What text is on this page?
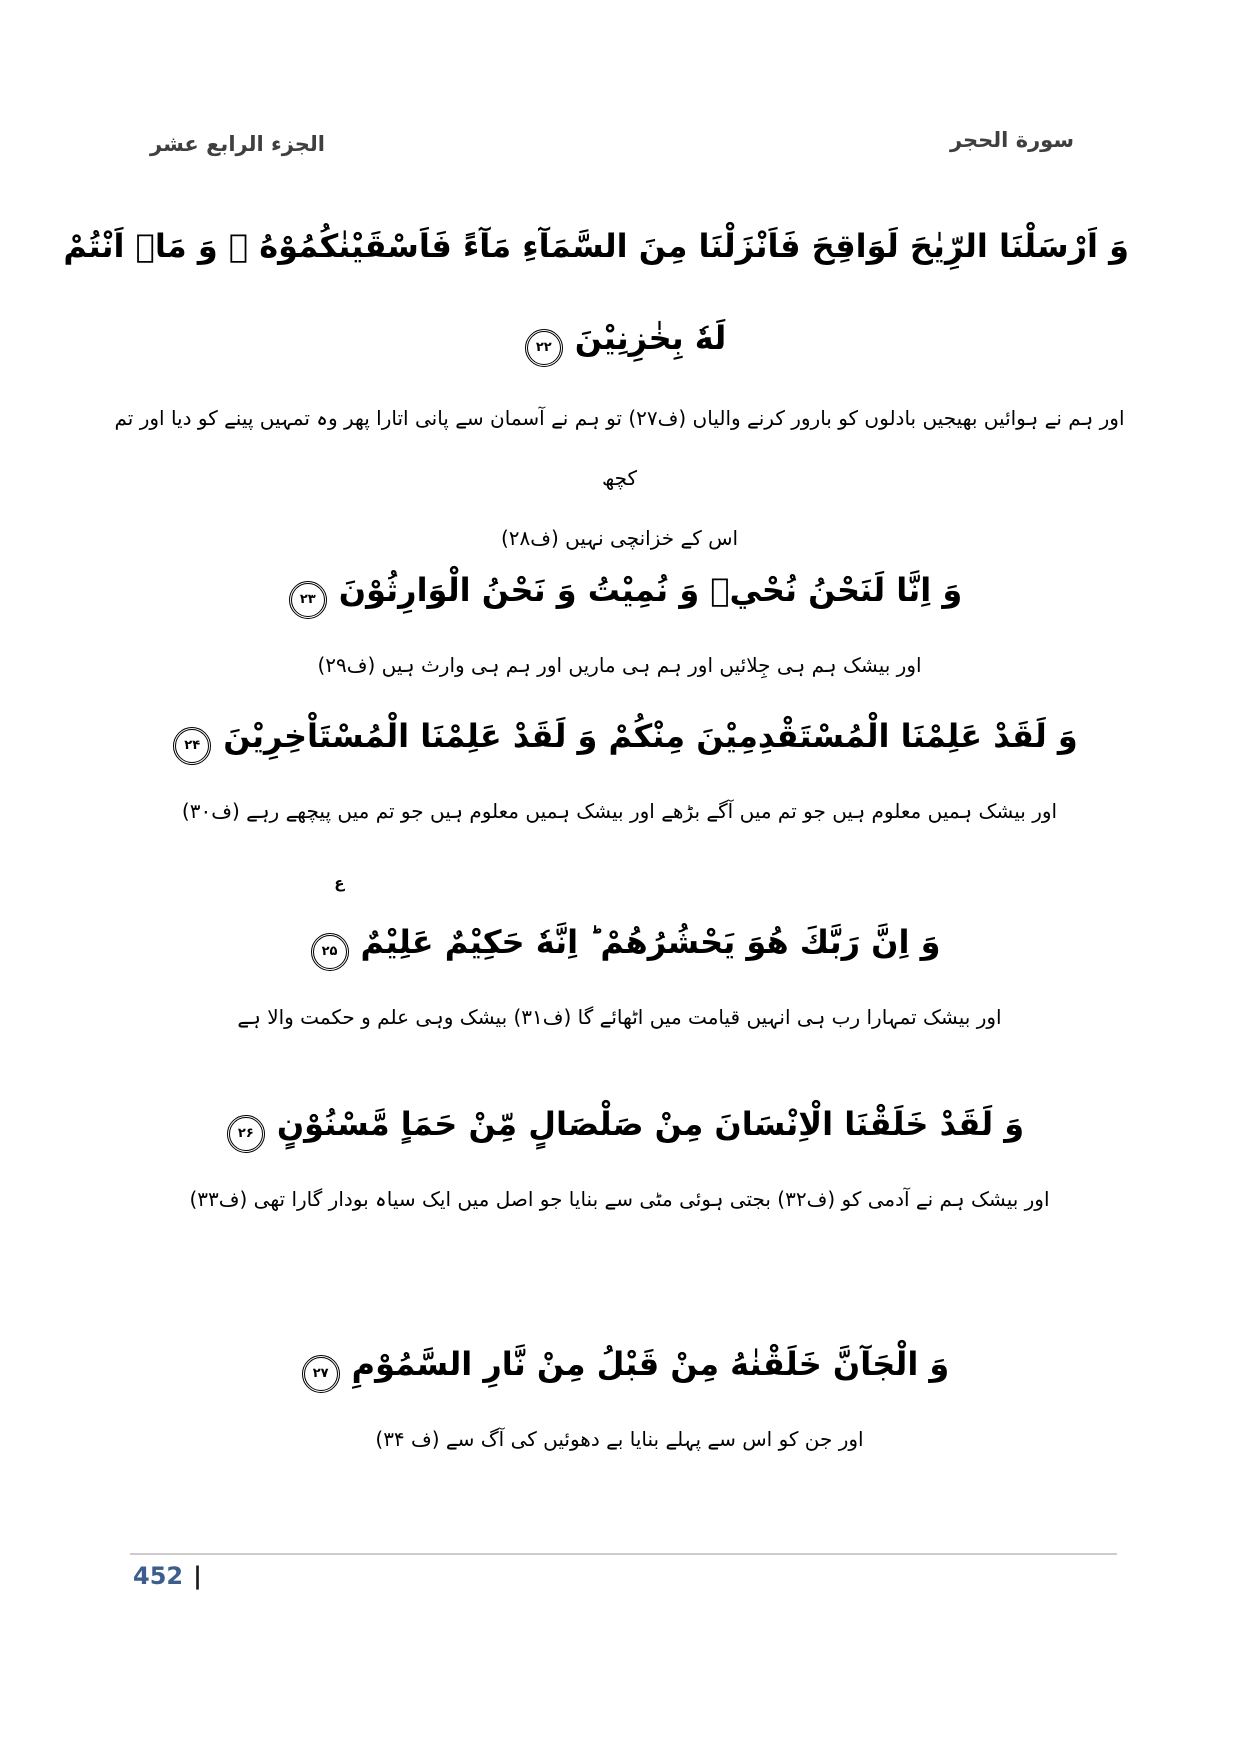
الجزء الرابع عشر	سورة الحجر
وَ اَرْسَلْنَا الرِّيٰحَ لَوَاقِحَ فَاَنْزَلْنَا مِنَ السَّمَآءِ مَآءً فَاَسْقَيْنٰكُمُوْهُ ۚ وَ مَاۤ اَنْتُمْ
لَهٗ بِخٰزِنِيْنَ۲۲
اور ہم نے ہوائیں بھیجیں بادلوں کو بارور کرنے والیاں (ف۲۷) تو ہم نے آسمان سے پانی اتارا پھر وہ تمہیں پینے کو دیا اور تم کچھ
اس کے خزانچی نہیں (ف۲۸)
وَ اِنَّا لَنَحْنُ نُحْيٖ وَ نُمِيْتُ وَ نَحْنُ الْوَارِثُوْنَ۲۳
اور بیشک ہم ہی جِلائیں اور ہم ہی ماریں اور ہم ہی وارث ہیں (ف۲۹)
وَ لَقَدْ عَلِمْنَا الْمُسْتَقْدِمِيْنَ مِنْكُمْ وَ لَقَدْ عَلِمْنَا الْمُسْتَاْخِرِيْنَ۲۴
اور بیشک ہمیں معلوم ہیں جو تم میں آگے بڑھے اور بیشک ہمیں معلوم ہیں جو تم میں پیچھے رہے (ف۳۰)
وَ اِنَّ رَبَّكَ هُوَ يَحْشُرُهُمْ ؕ اِنَّهٗ حَكِيْمٌ عَلِيْمٌ
ع
۲۵
اور بیشک تمہارا رب ہی انہیں قیامت میں اٹھائے گا (ف۳۱) بیشک وہی علم و حکمت والا ہے
وَ لَقَدْ خَلَقْنَا الْاِنْسَانَ مِنْ صَلْصَالٍ مِّنْ حَمَاٍ مَّسْنُوْنٍ۲۶
اور بیشک ہم نے آدمی کو (ف۳۲) بجتی ہوئی مٹی سے بنایا جو اصل میں ایک سیاہ بودار گارا تھی (ف۳۳)
وَ الْجَآنَّ خَلَقْنٰهُ مِنْ قَبْلُ مِنْ نَّارِ السَّمُوْمِ۲۷
اور جن کو اس سے پہلے بنایا بے دھوئیں کی آگ سے (ف ۳۴)
452 |
